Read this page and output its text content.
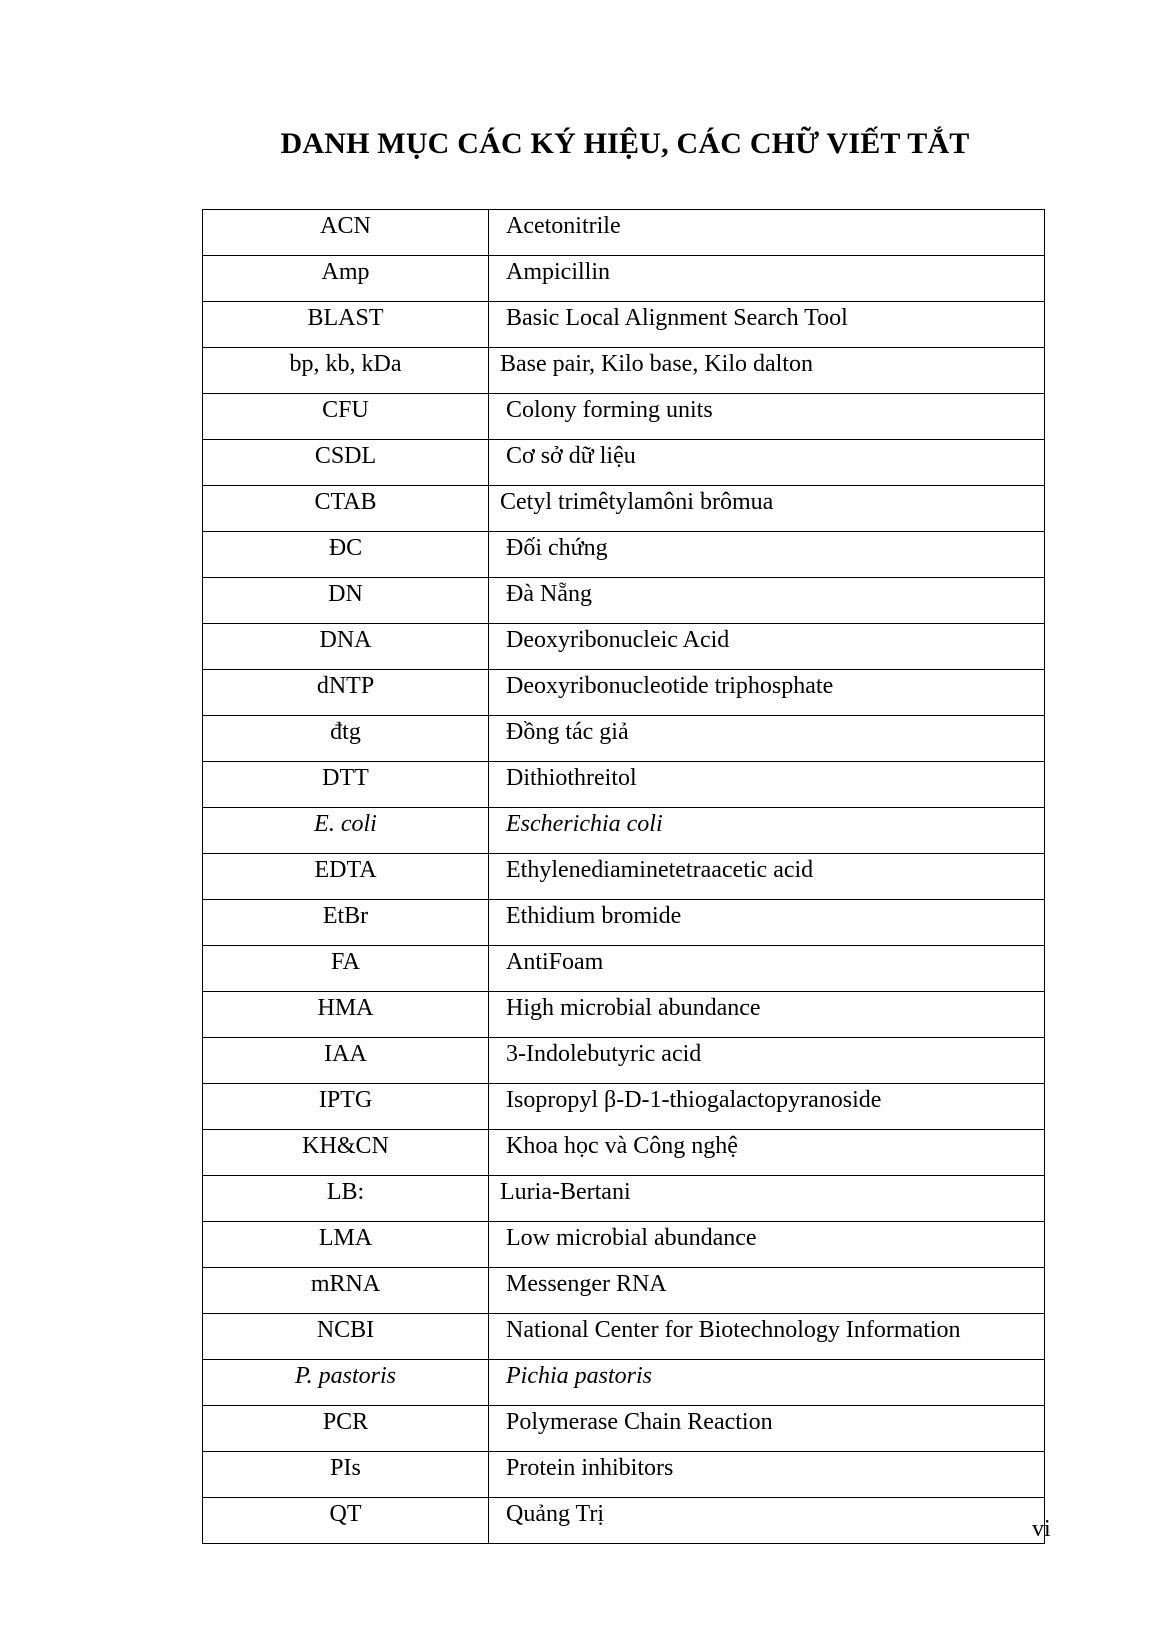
DANH MỤC CÁC KÝ HIỆU, CÁC CHỮ VIẾT TẮT
ACN	Acetonitrile
Amp	Ampicillin
BLAST	Basic Local Alignment Search Tool
bp, kb, kDa	Base pair, Kilo base, Kilo dalton
CFU	Colony forming units
CSDL	Cơ sở dữ liệu
CTAB	Cetyl trimêtylamôni brômua
ĐC	Đối chứng
DN	Đà Nẵng
DNA	Deoxyribonucleic Acid
dNTP	Deoxyribonucleotide triphosphate
đtg	Đồng tác giả
DTT	Dithiothreitol
E. coli	Escherichia coli
EDTA	Ethylenediaminetetraacetic acid
EtBr	Ethidium bromide
FA	AntiFoam
HMA	High microbial abundance
IAA	3-Indolebutyric acid
IPTG	Isopropyl β-D-1-thiogalactopyranoside
KH&CN	Khoa học và Công nghệ
LB:	Luria-Bertani
LMA	Low microbial abundance
mRNA	Messenger RNA
NCBI	National Center for Biotechnology Information
P. pastoris	Pichia pastoris
PCR	Polymerase Chain Reaction
PIs	Protein inhibitors
QT	Quảng Trị
vi
